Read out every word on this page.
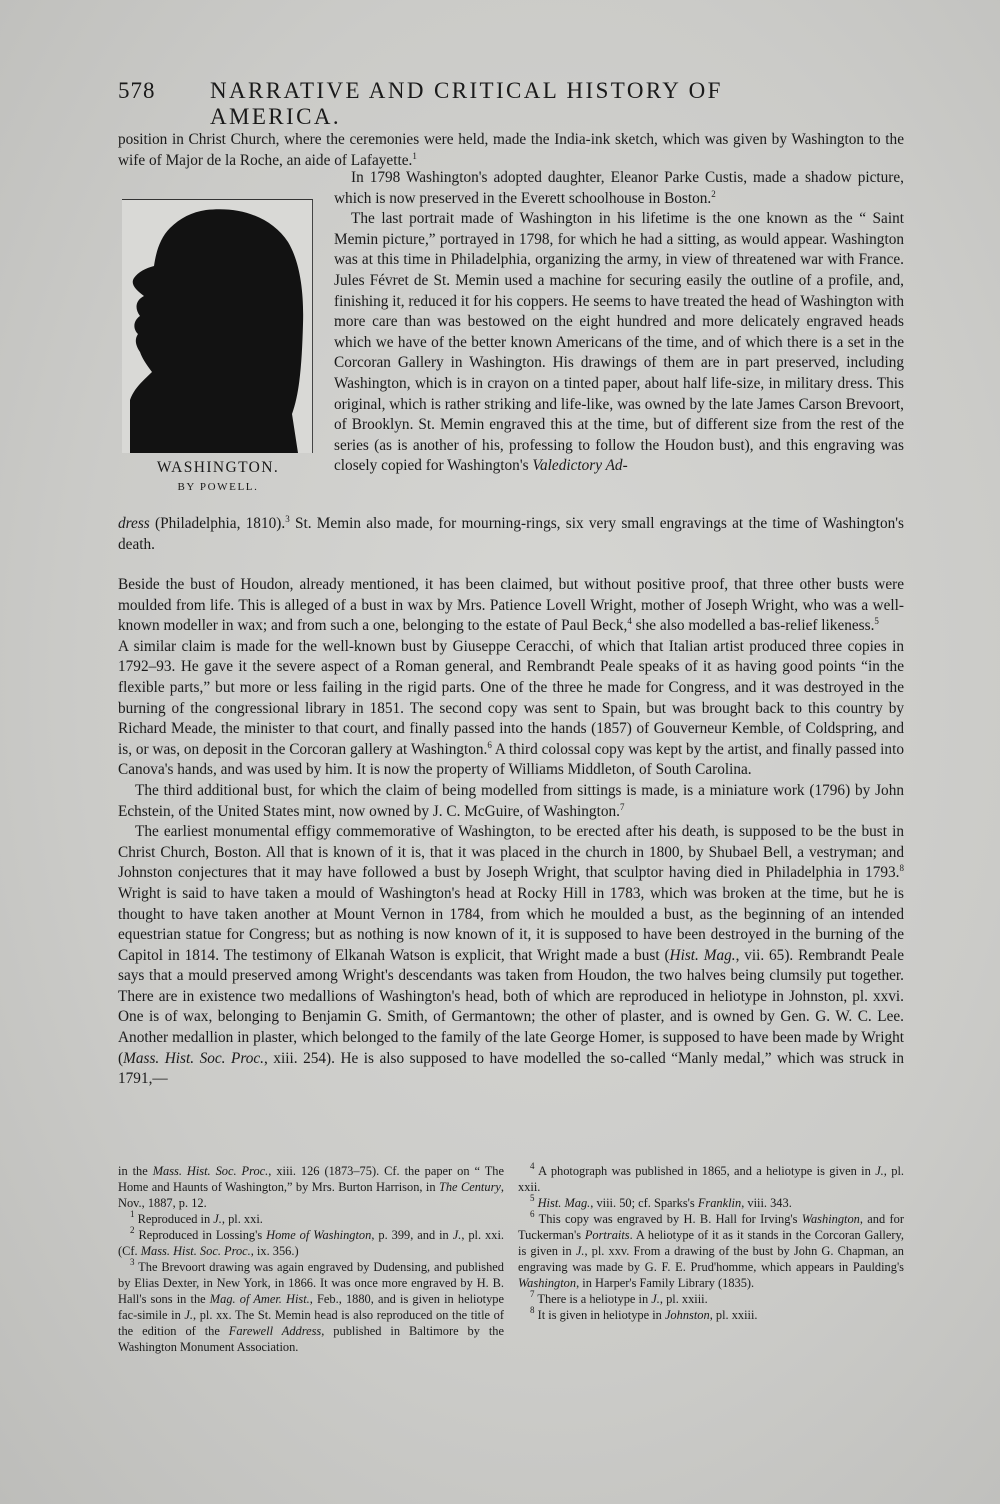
578	NARRATIVE AND CRITICAL HISTORY OF AMERICA.

position in Christ Church, where the ceremonies were held, made the India-ink sketch, which was given by Washington to the wife of Major de la Roche, an aide of Lafayette.$^1$

WASHINGTON.
BY POWELL.

In 1798 Washington's adopted daughter, Eleanor Parke Custis, made a shadow picture, which is now preserved in the Everett schoolhouse in Boston.$^2$

The last portrait made of Washington in his lifetime is the one known as the “ Saint Memin picture,” portrayed in 1798, for which he had a sitting, as would appear. Washington was at this time in Philadelphia, organizing the army, in view of threatened war with France. Jules Févret de St. Memin used a machine for securing easily the outline of a profile, and, finishing it, reduced it for his coppers. He seems to have treated the head of Washington with more care than was bestowed on the eight hundred and more delicately engraved heads which we have of the better known Americans of the time, and of which there is a set in the Corcoran Gallery in Washington. His drawings of them are in part preserved, including Washington, which is in crayon on a tinted paper, about half life-size, in military dress. This original, which is rather striking and life-like, was owned by the late James Carson Brevoort, of Brooklyn. St. Memin engraved this at the time, but of different size from the rest of the series (as is another of his, professing to follow the Houdon bust), and this engraving was closely copied for Washington's Valedictory Ad-

dress (Philadelphia, 1810).$^3$ St. Memin also made, for mourning-rings, six very small engravings at the time of Washington's death.

Beside the bust of Houdon, already mentioned, it has been claimed, but without positive proof, that three other busts were moulded from life. This is alleged of a bust in wax by Mrs. Patience Lovell Wright, mother of Joseph Wright, who was a well-known modeller in wax; and from such a one, belonging to the estate of Paul Beck,$^4$ she also modelled a bas-relief likeness.$^5$

A similar claim is made for the well-known bust by Giuseppe Ceracchi, of which that Italian artist produced three copies in 1792–93. He gave it the severe aspect of a Roman general, and Rembrandt Peale speaks of it as having good points “in the flexible parts,” but more or less failing in the rigid parts. One of the three he made for Congress, and it was destroyed in the burning of the congressional library in 1851. The second copy was sent to Spain, but was brought back to this country by Richard Meade, the minister to that court, and finally passed into the hands (1857) of Gouverneur Kemble, of Coldspring, and is, or was, on deposit in the Corcoran gallery at Washington.$^6$ A third colossal copy was kept by the artist, and finally passed into Canova's hands, and was used by him. It is now the property of Williams Middleton, of South Carolina.

The third additional bust, for which the claim of being modelled from sittings is made, is a miniature work (1796) by John Echstein, of the United States mint, now owned by J. C. McGuire, of Washington.$^7$

The earliest monumental effigy commemorative of Washington, to be erected after his death, is supposed to be the bust in Christ Church, Boston. All that is known of it is, that it was placed in the church in 1800, by Shubael Bell, a vestryman; and Johnston conjectures that it may have followed a bust by Joseph Wright, that sculptor having died in Philadelphia in 1793.$^8$ Wright is said to have taken a mould of Washington's head at Rocky Hill in 1783, which was broken at the time, but he is thought to have taken another at Mount Vernon in 1784, from which he moulded a bust, as the beginning of an intended equestrian statue for Congress; but as nothing is now known of it, it is supposed to have been destroyed in the burning of the Capitol in 1814. The testimony of Elkanah Watson is explicit, that Wright made a bust (Hist. Mag., vii. 65). Rembrandt Peale says that a mould preserved among Wright's descendants was taken from Houdon, the two halves being clumsily put together. There are in existence two medallions of Washington's head, both of which are reproduced in heliotype in Johnston, pl. xxvi. One is of wax, belonging to Benjamin G. Smith, of Germantown; the other of plaster, and is owned by Gen. G. W. C. Lee. Another medallion in plaster, which belonged to the family of the late George Homer, is supposed to have been made by Wright (Mass. Hist. Soc. Proc., xiii. 254). He is also supposed to have modelled the so-called “Manly medal,” which was struck in 1791,—

in the Mass. Hist. Soc. Proc., xiii. 126 (1873–75). Cf. the paper on “ The Home and Haunts of Washington,” by Mrs. Burton Harrison, in The Century, Nov., 1887, p. 12.

$^1$ Reproduced in J., pl. xxi.

$^2$ Reproduced in Lossing's Home of Washington, p. 399, and in J., pl. xxi. (Cf. Mass. Hist. Soc. Proc., ix. 356.)

$^3$ The Brevoort drawing was again engraved by Dudensing, and published by Elias Dexter, in New York, in 1866. It was once more engraved by H. B. Hall's sons in the Mag. of Amer. Hist., Feb., 1880, and is given in heliotype fac-simile in J., pl. xx. The St. Memin head is also reproduced on the title of the edition of the Farewell Address, published in Baltimore by the Washington Monument Association.

$^4$ A photograph was published in 1865, and a heliotype is given in J., pl. xxii.

$^5$ Hist. Mag., viii. 50; cf. Sparks's Franklin, viii. 343.

$^6$ This copy was engraved by H. B. Hall for Irving's Washington, and for Tuckerman's Portraits. A heliotype of it as it stands in the Corcoran Gallery, is given in J., pl. xxv. From a drawing of the bust by John G. Chapman, an engraving was made by G. F. E. Prud'homme, which appears in Paulding's Washington, in Harper's Family Library (1835).

$^7$ There is a heliotype in J., pl. xxiii.

$^8$ It is given in heliotype in Johnston, pl. xxiii.
